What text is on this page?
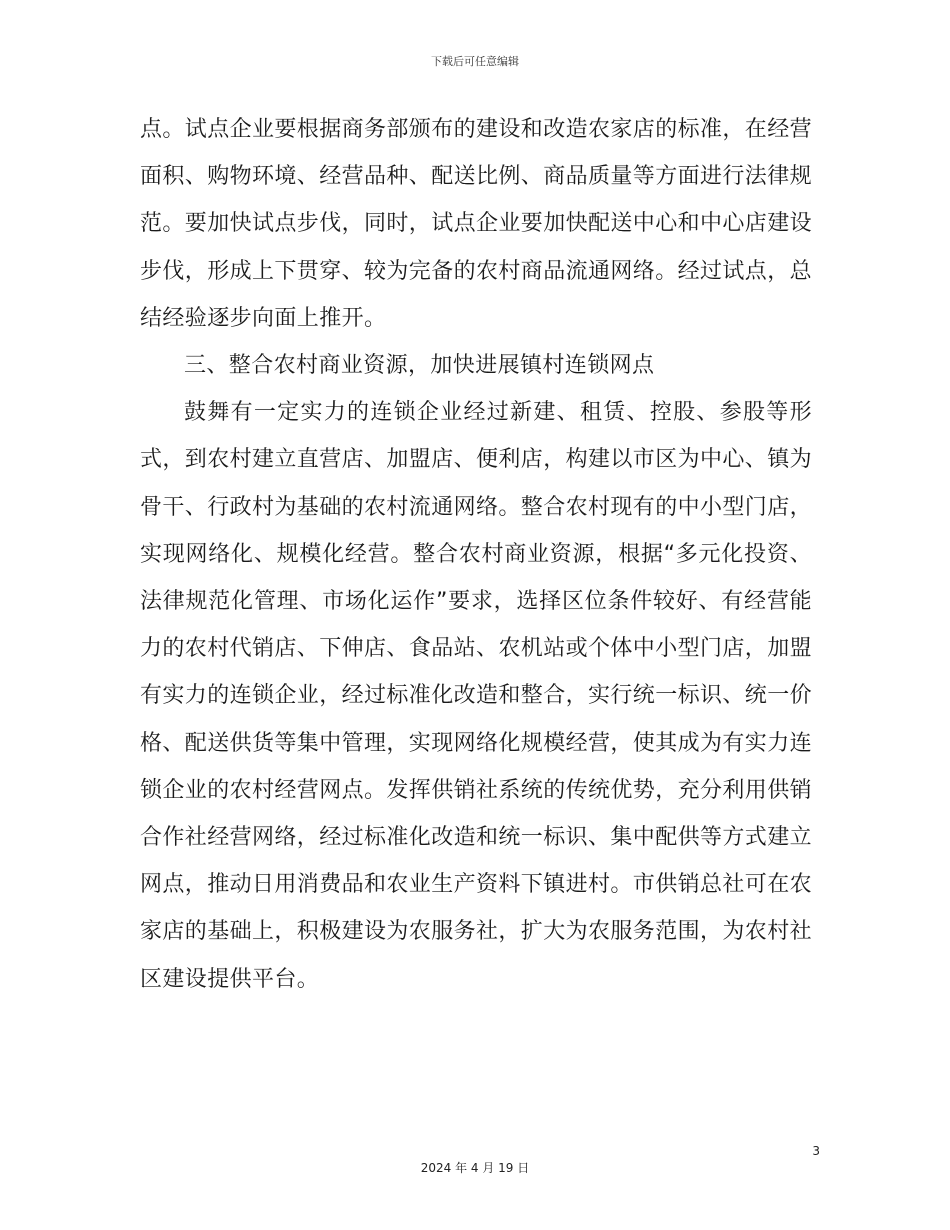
下载后可任意编辑

点。试点企业要根据商务部颁布的建设和改造农家店的标准，在经营面积、购物环境、经营品种、配送比例、商品质量等方面进行法律规范。要加快试点步伐，同时，试点企业要加快配送中心和中心店建设步伐，形成上下贯穿、较为完备的农村商品流通网络。经过试点，总结经验逐步向面上推开。

三、整合农村商业资源，加快进展镇村连锁网点

鼓舞有一定实力的连锁企业经过新建、租赁、控股、参股等形式，到农村建立直营店、加盟店、便利店，构建以市区为中心、镇为骨干、行政村为基础的农村流通网络。整合农村现有的中小型门店，实现网络化、规模化经营。整合农村商业资源，根据“多元化投资、法律规范化管理、市场化运作”要求，选择区位条件较好、有经营能力的农村代销店、下伸店、食品站、农机站或个体中小型门店，加盟有实力的连锁企业，经过标准化改造和整合，实行统一标识、统一价格、配送供货等集中管理，实现网络化规模经营，使其成为有实力连锁企业的农村经营网点。发挥供销社系统的传统优势，充分利用供销合作社经营网络，经过标准化改造和统一标识、集中配供等方式建立网点，推动日用消费品和农业生产资料下镇进村。市供销总社可在农家店的基础上，积极建设为农服务社，扩大为农服务范围，为农村社区建设提供平台。

3
2024 年 4 月 19 日
